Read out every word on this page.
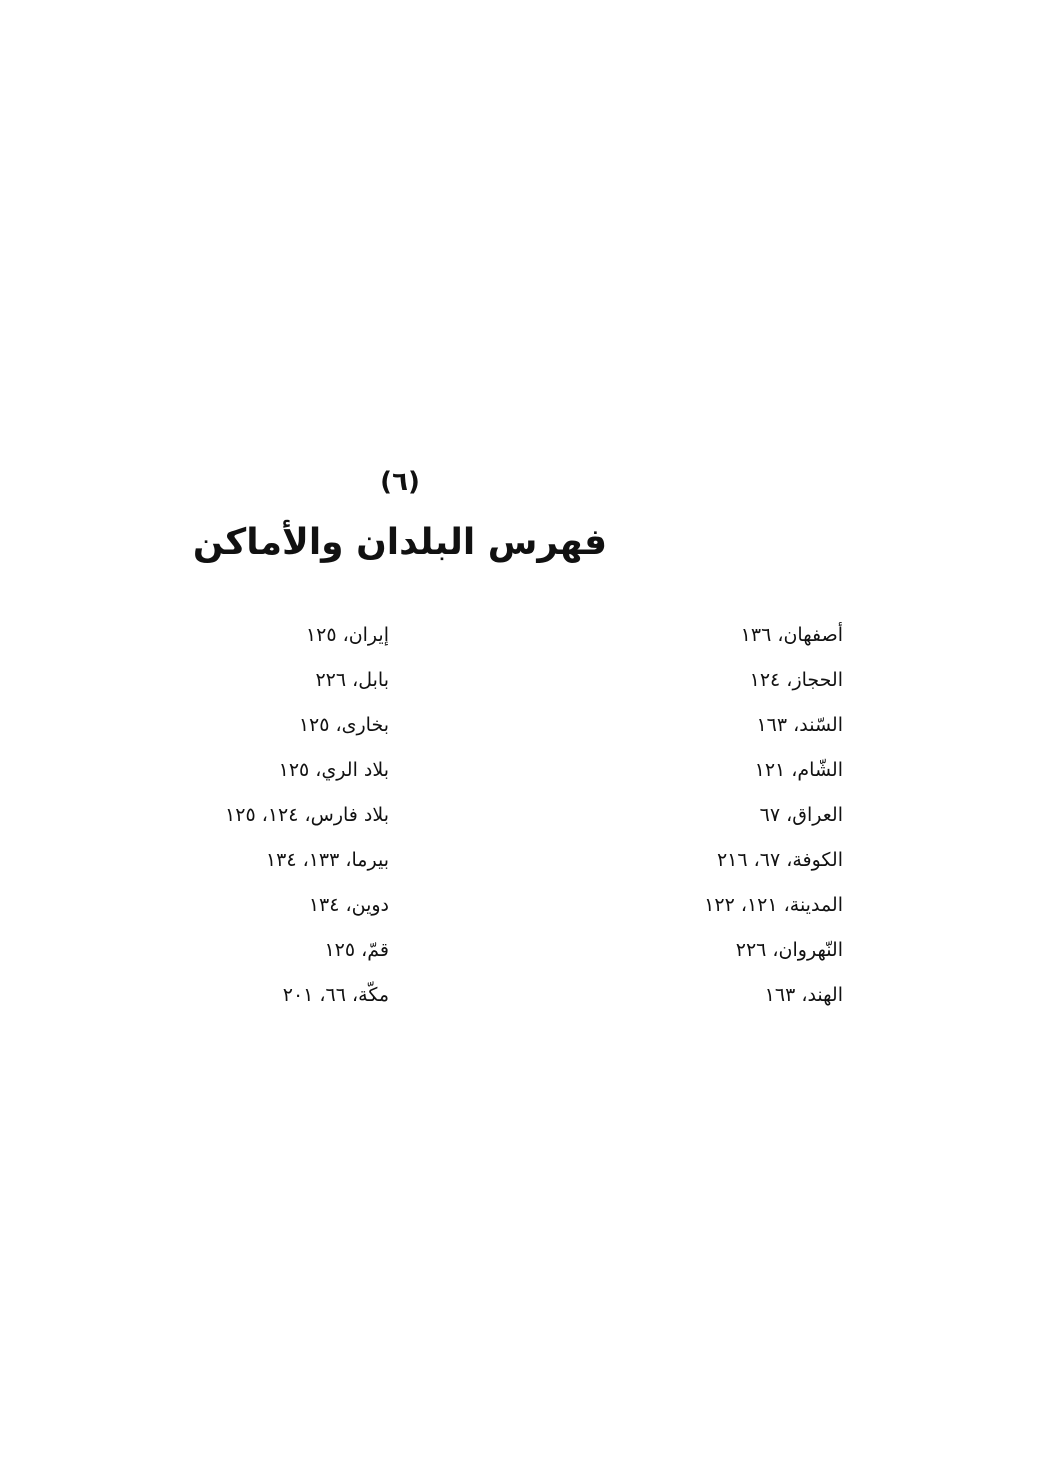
(٦)
فهرس البلدان والأماكن
أصفهان، ١٣٦
الحجاز، ١٢٤
السّند، ١٦٣
الشّام، ١٢١
العراق، ٦٧
الكوفة، ٦٧، ٢١٦
المدينة، ١٢١، ١٢٢
النّهروان، ٢٢٦
الهند، ١٦٣
إيران، ١٢٥
بابل، ٢٢٦
بخارى، ١٢٥
بلاد الري، ١٢٥
بلاد فارس، ١٢٤، ١٢٥
بيرما، ١٣٣، ١٣٤
دوين، ١٣٤
قمّ، ١٢٥
مكّة، ٦٦، ٢٠١
